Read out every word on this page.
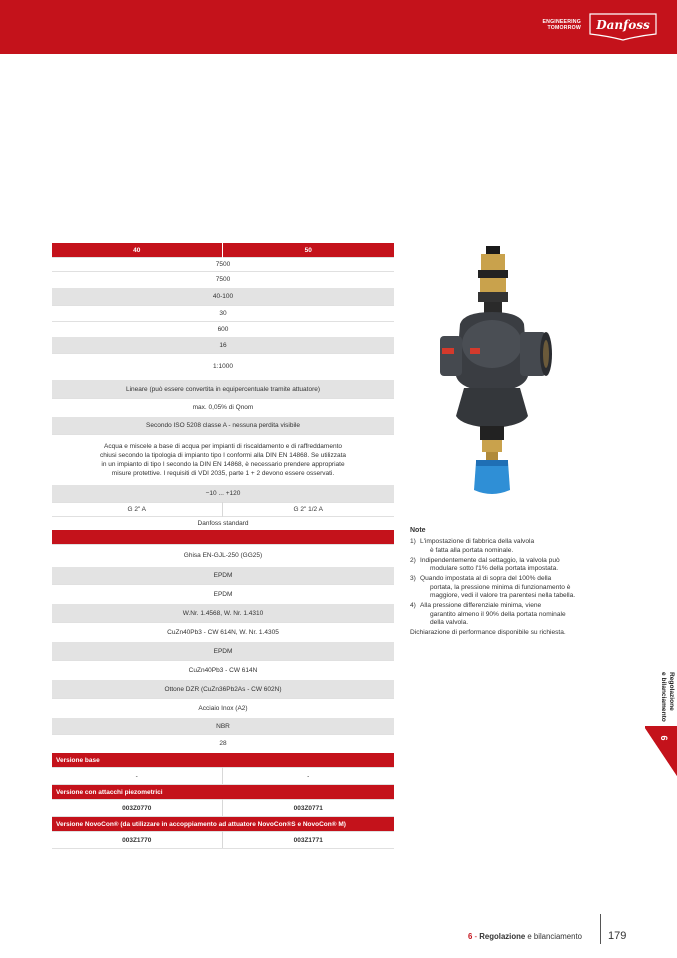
ENGINEERING
TOMORROW Danfoss
40	50
7500	
7500	
40-100	
30	
600	
16	
1:1000	
Lineare (può essere convertita in equipercentuale tramite attuatore)	
max. 0,05% di Qnom	
Secondo ISO 5208 classe A - nessuna perdita visibile	

Acqua e miscele a base di acqua per impianti di riscaldamento e di raffreddamento
chiusi secondo la tipologia di impianto tipo I conformi alla DIN EN 14868. Se utilizzata
in un impianto di tipo I secondo la DIN EN 14868, è necessario prendere appropriate
misure protettive. I requisiti di VDI 2035, parte 1 + 2 devono essere osservati.	

−10 ... +120	
G 2" A	G 2" 1/2 A
Danfoss standard	

Ghisa EN-GJL-250 (GG25)	
EPDM	
EPDM	
W.Nr. 1.4568, W. Nr. 1.4310	
CuZn40Pb3 - CW 614N, W. Nr. 1.4305	
EPDM	
CuZn40Pb3 - CW 614N	
Ottone DZR (CuZn36Pb2As - CW 602N)	
Acciaio Inox (A2)	
NBR	
28	
Versione base	
-	-
Versione con attacchi piezometrici	
003Z0770	003Z0771
Versione NovoCon® (da utilizzare in accoppiamento ad attuatore NovoCon®S e NovoCon® M)	
003Z1770	003Z1771
Note
1) L'impostazione di fabbrica della valvola
è fatta alla portata nominale.
2) Indipendentemente dal settaggio, la valvola può
modulare sotto l'1% della portata impostata.
3) Quando impostata al di sopra del 100% della
portata, la pressione minima di funzionamento è
maggiore, vedi il valore tra parentesi nella tabella.
4) Alla pressione differenziale minima, viene
garantito almeno il 90% della portata nominale
della valvola.
Dichiarazione di performance disponibile su richiesta.
Regolazione
e bilanciamento
6
6 - Regolazione e bilanciamento 179
